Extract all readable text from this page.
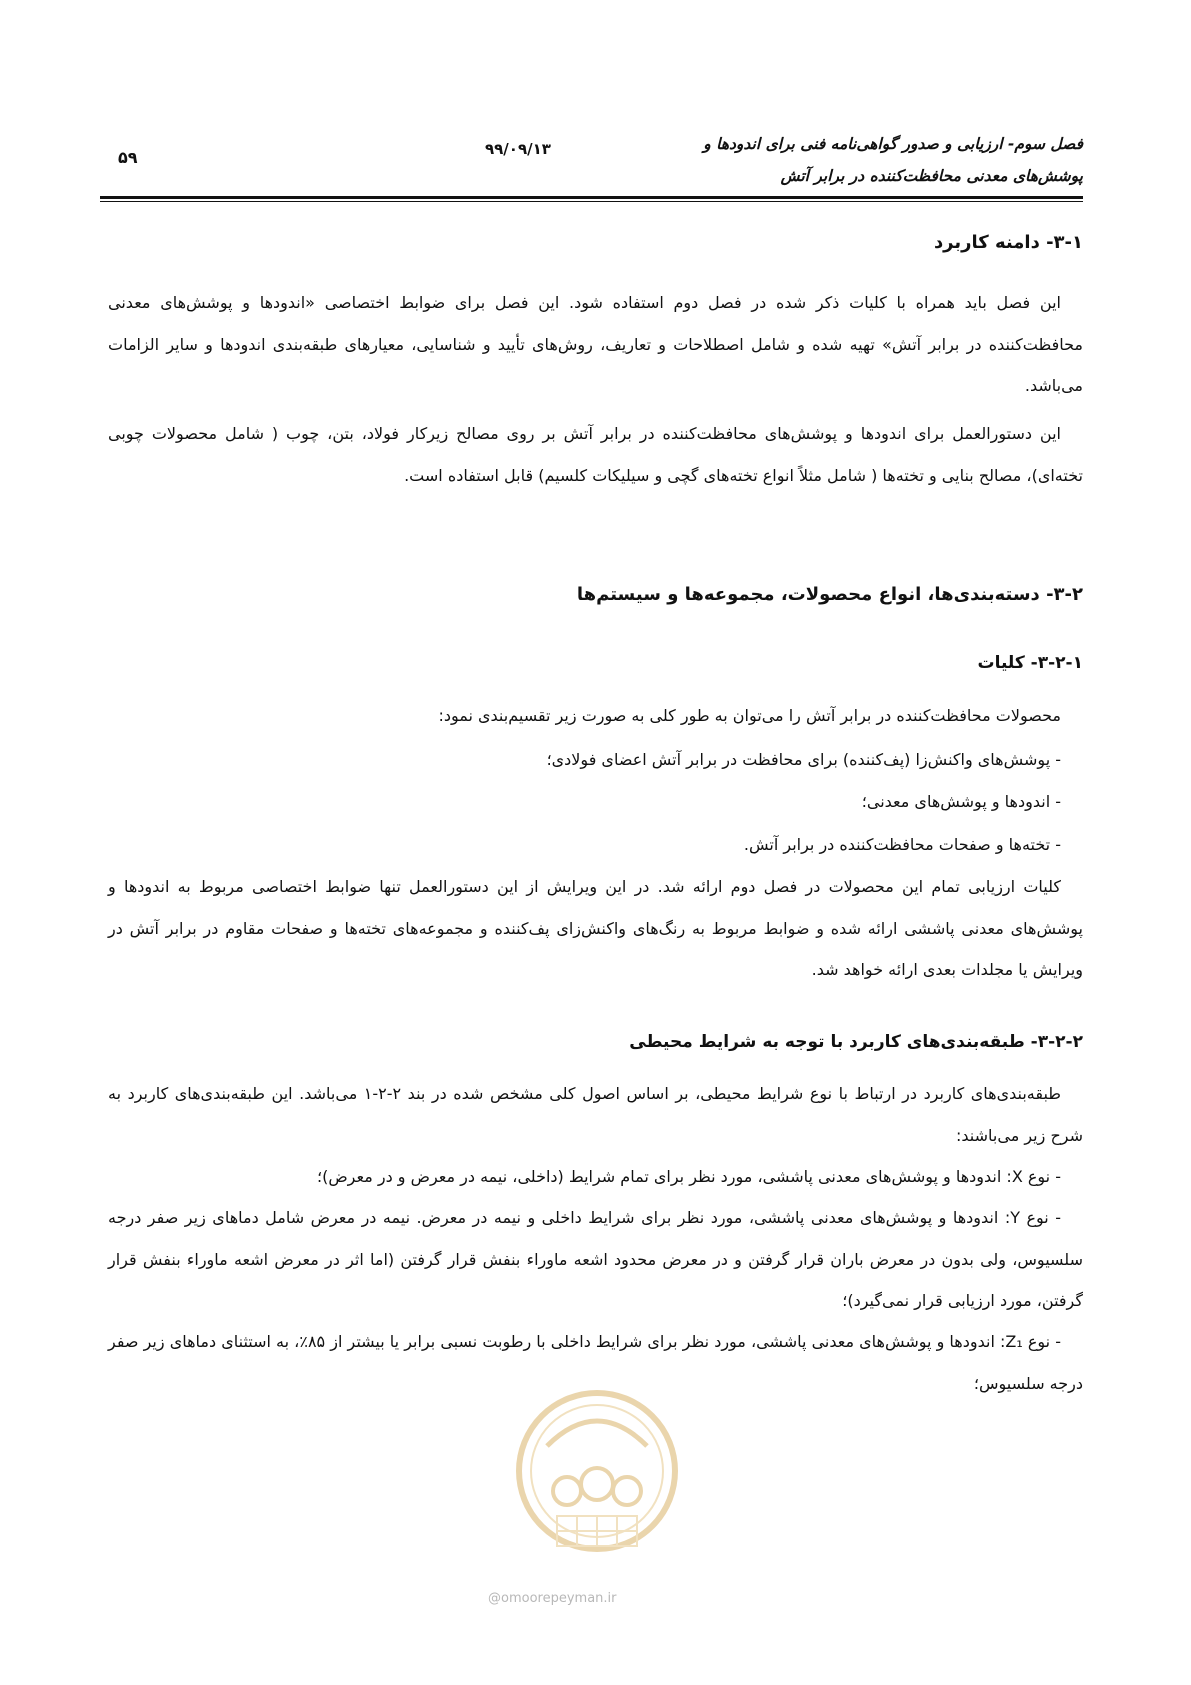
فصل سوم- ارزیابی و صدور گواهی‌نامه فنی برای اندودها و
پوشش‌های معدنی محافظت‌کننده در برابر آتش
۹۹/۰۹/۱۳
۵۹
۳-۱- دامنه کاربرد
این فصل باید همراه با کلیات ذکر شده در فصل دوم استفاده شود. این فصل برای ضوابط اختصاصی «اندودها و پوشش‌های معدنی محافظت‌کننده در برابر آتش» تهیه شده و شامل اصطلاحات و تعاریف، روش‌های تأیید و شناسایی، معیارهای طبقه‌بندی اندودها و سایر الزامات می‌باشد.
این دستورالعمل برای اندودها و پوشش‌های محافظت‌کننده در برابر آتش بر روی مصالح زیرکار فولاد، بتن، چوب ( شامل محصولات چوبی تخته‌ای)، مصالح بنایی و تخته‌ها ( شامل مثلاً انواع تخته‌های گچی و سیلیکات کلسیم) قابل استفاده است.
۳-۲- دسته‌بندی‌ها، انواع محصولات، مجموعه‌ها و سیستم‌ها
۳-۲-۱- کلیات
محصولات محافظت‌کننده در برابر آتش را می‌توان به طور کلی به صورت زیر تقسیم‌بندی نمود:
- پوشش‌های واکنش‌زا (پف‌کننده) برای محافظت در برابر آتش اعضای فولادی؛
- اندودها و پوشش‌های معدنی؛
- تخته‌ها و صفحات محافظت‌کننده در برابر آتش.
کلیات ارزیابی تمام این محصولات در فصل دوم ارائه شد. در این ویرایش از این دستورالعمل تنها ضوابط اختصاصی مربوط به اندودها و پوشش‌های معدنی پاششی ارائه شده و ضوابط مربوط به رنگ‌های واکنش‌زای پف‌کننده و مجموعه‌های تخته‌ها و صفحات مقاوم در برابر آتش در ویرایش یا مجلدات بعدی ارائه خواهد شد.
۳-۲-۲- طبقه‌بندی‌های کاربرد با توجه به شرایط محیطی
طبقه‌بندی‌های کاربرد در ارتباط با نوع شرایط محیطی، بر اساس اصول کلی مشخص شده در بند ۲-۲-۱ می‌باشد. این طبقه‌بندی‌های کاربرد به شرح زیر می‌باشند:
- نوع X: اندودها و پوشش‌های معدنی پاششی، مورد نظر برای تمام شرایط (داخلی، نیمه در معرض و در معرض)؛
- نوع Y: اندودها و پوشش‌های معدنی پاششی، مورد نظر برای شرایط داخلی و نیمه در معرض. نیمه در معرض شامل دماهای زیر صفر درجه سلسیوس، ولی بدون در معرض باران قرار گرفتن و در معرض محدود اشعه ماوراء بنفش قرار گرفتن (اما اثر در معرض اشعه ماوراء بنفش قرار گرفتن، مورد ارزیابی قرار نمی‌گیرد)؛
- نوع Z₁: اندودها و پوشش‌های معدنی پاششی، مورد نظر برای شرایط داخلی با رطوبت نسبی برابر یا بیشتر از ۸۵٪، به استثنای دماهای زیر صفر درجه سلسیوس؛
@omoorepeyman.ir
